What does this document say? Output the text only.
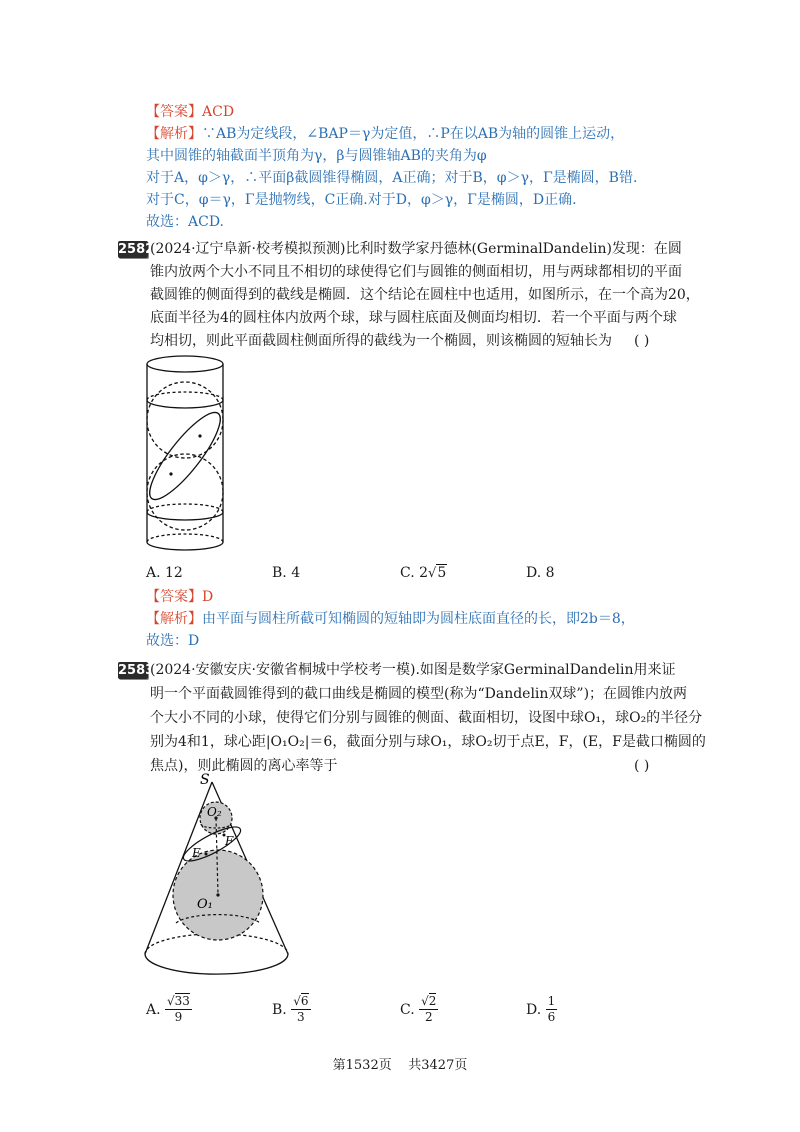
【答案】ACD
【解析】∵AB为定线段，∠BAP＝γ为定值，∴P在以AB为轴的圆锥上运动，
其中圆锥的轴截面半顶角为γ，β与圆锥轴AB的夹角为φ
对于A，φ＞γ，∴平面β截圆锥得椭圆，A正确；对于B，φ＞γ，Γ是椭圆，B错.
对于C，φ＝γ，Γ是抛物线，C正确.对于D，φ＞γ，Γ是椭圆，D正确.
故选：ACD.
2582
(2024·辽宁阜新·校考模拟预测)比利时数学家丹德林(GerminalDandelin)发现：在圆
锥内放两个大小不同且不相切的球使得它们与圆锥的侧面相切，用与两球都相切的平面
截圆锥的侧面得到的截线是椭圆．这个结论在圆柱中也适用，如图所示，在一个高为20，
底面半径为4的圆柱体内放两个球，球与圆柱底面及侧面均相切．若一个平面与两个球
均相切，则此平面截圆柱侧面所得的截线为一个椭圆，则该椭圆的短轴长为 ( )
A. 12	B. 4	C. 2√5	D. 8
【答案】D
【解析】由平面与圆柱所截可知椭圆的短轴即为圆柱底面直径的长，即2b＝8，
故选：D
2583
(2024·安徽安庆·安徽省桐城中学校考一模).如图是数学家GerminalDandelin用来证
明一个平面截圆锥得到的截口曲线是椭圆的模型(称为“Dandelin双球”)；在圆锥内放两
个大小不同的小球，使得它们分别与圆锥的侧面、截面相切，设图中球O₁，球O₂的半径分
别为4和1，球心距|O₁O₂|＝6，截面分别与球O₁，球O₂切于点E，F，(E，F是截口椭圆的
焦点)，则此椭圆的离心率等于	( )
S
O₂
F
E
O₁
A. $\frac{√33}{9}$	B. $\frac{√6}{3}$	C. $\frac{√2}{2}$	D. $\frac{1}{6}$
第1532页 共3427页
